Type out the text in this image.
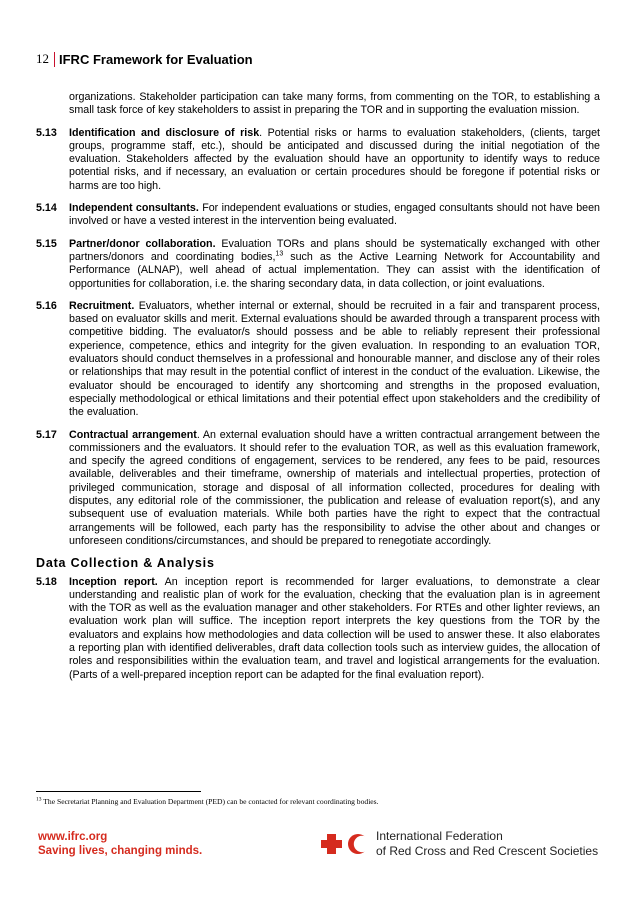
12 IFRC Framework for Evaluation
organizations. Stakeholder participation can take many forms, from commenting on the TOR, to establishing a small task force of key stakeholders to assist in preparing the TOR and in supporting the evaluation mission.
5.13	Identification and disclosure of risk. Potential risks or harms to evaluation stakeholders, (clients, target groups, programme staff, etc.), should be anticipated and discussed during the initial negotiation of the evaluation. Stakeholders affected by the evaluation should have an opportunity to identify ways to reduce potential risks, and if necessary, an evaluation or certain procedures should be foregone if potential risks or harms are too high.
5.14	Independent consultants. For independent evaluations or studies, engaged consultants should not have been involved or have a vested interest in the intervention being evaluated.
5.15	Partner/donor collaboration. Evaluation TORs and plans should be systematically exchanged with other partners/donors and coordinating bodies,$^{13}$ such as the Active Learning Network for Accountability and Performance (ALNAP), well ahead of actual implementation. They can assist with the identification of opportunities for collaboration, i.e. the sharing secondary data, in data collection, or joint evaluations.
5.16	Recruitment. Evaluators, whether internal or external, should be recruited in a fair and transparent process, based on evaluator skills and merit. External evaluations should be awarded through a transparent process with competitive bidding. The evaluator/s should possess and be able to reliably represent their professional experience, competence, ethics and integrity for the given evaluation. In responding to an evaluation TOR, evaluators should conduct themselves in a professional and honourable manner, and disclose any of their roles or relationships that may result in the potential conflict of interest in the conduct of the evaluation. Likewise, the evaluator should be encouraged to identify any shortcoming and strengths in the proposed evaluation, especially methodological or ethical limitations and their potential effect upon stakeholders and the credibility of the evaluation.
5.17	Contractual arrangement. An external evaluation should have a written contractual arrangement between the commissioners and the evaluators. It should refer to the evaluation TOR, as well as this evaluation framework, and specify the agreed conditions of engagement, services to be rendered, any fees to be paid, resources available, deliverables and their timeframe, ownership of materials and intellectual properties, protection of privileged communication, storage and disposal of all information collected, procedures for dealing with disputes, any editorial role of the commissioner, the publication and release of evaluation report(s), and any subsequent use of evaluation materials. While both parties have the right to expect that the contractual arrangements will be followed, each party has the responsibility to advise the other about and changes or unforeseen conditions/circumstances, and should be prepared to renegotiate accordingly.
Data Collection & Analysis
5.18	Inception report. An inception report is recommended for larger evaluations, to demonstrate a clear understanding and realistic plan of work for the evaluation, checking that the evaluation plan is in agreement with the TOR as well as the evaluation manager and other stakeholders. For RTEs and other lighter reviews, an evaluation work plan will suffice. The inception report interprets the key questions from the TOR by the evaluators and explains how methodologies and data collection will be used to answer these. It also elaborates a reporting plan with identified deliverables, draft data collection tools such as interview guides, the allocation of roles and responsibilities within the evaluation team, and travel and logistical arrangements for the evaluation. (Parts of a well-prepared inception report can be adapted for the final evaluation report).
$^{13}$ The Secretariat Planning and Evaluation Department (PED) can be contacted for relevant coordinating bodies.
www.ifrc.org
Saving lives, changing minds.
International Federation
of Red Cross and Red Crescent Societies
